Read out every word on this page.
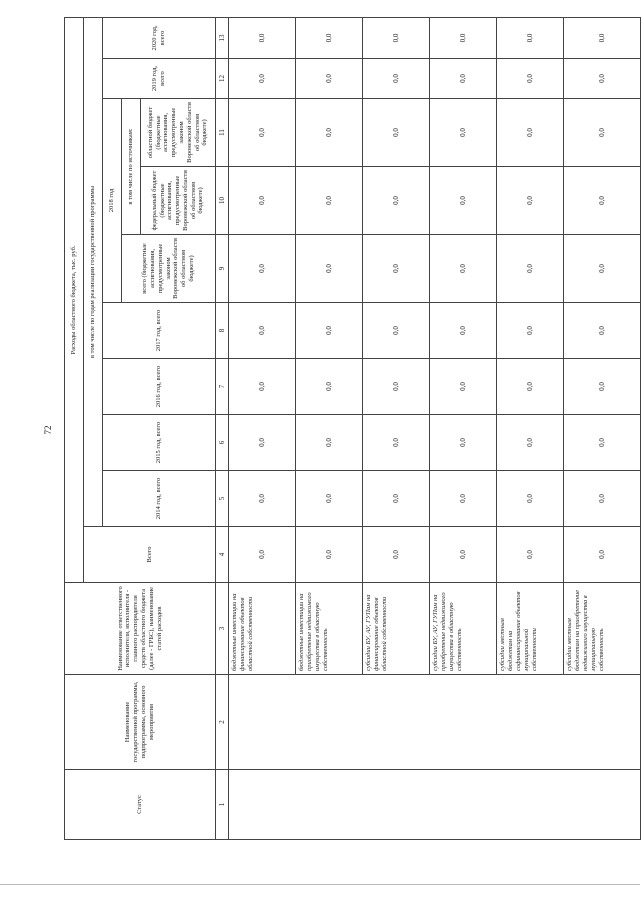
72
Статус	Наименование государственной программы, подпрограммы, основного мероприятия	Наименование ответственного исполнителя, исполнителя - главного распорядителя средств областного бюджета (далее - ГРБС), наименование статей расходов	Расходы областного бюджета, тыс. руб.									
			Всего	в том числе по годам реализации государственной программы								
				2014 год, всего	2015 год, всего	2016 год, всего	2017 год, всего	2018 год			2019 год, всего	2020 год, всего
								всего (бюджетные ассигнования, предусмотренные законом Воронежской области об областном бюджете)	в том числе по источникам:			
									федеральный бюджет (бюджетные ассигнования, предусмотренные Воронежской области об областном бюджете)	областной бюджет (бюджетные ассигнования, предусмотренные законом Воронежской области об областном бюджете)		
1	2	3	4	5	6	7	8	9	10	11	12	13
		бюджетные инвестиции на финансирование объектов областной собственности	0,0	0,0	0,0	0,0	0,0	0,0	0,0	0,0	0,0	0,0
		бюджетные инвестиции на приобретение недвижимого имущества в областную собственность	0,0	0,0	0,0	0,0	0,0	0,0	0,0	0,0	0,0	0,0
		субсидии БУ, АУ, ГУПам на финансирование объектов областной собственности	0,0	0,0	0,0	0,0	0,0	0,0	0,0	0,0	0,0	0,0
		субсидии БУ, АУ, ГУПам на приобретение недвижимого имущества в областную собственность	0,0	0,0	0,0	0,0	0,0	0,0	0,0	0,0	0,0	0,0
		субсидии местным бюджетам на софинансирование объектов муниципальной собственности	0,0	0,0	0,0	0,0	0,0	0,0	0,0	0,0	0,0	0,0
		субсидии местным бюджетам на приобретение недвижимого имущества в муниципальную собственность	0,0	0,0	0,0	0,0	0,0	0,0	0,0	0,0	0,0	0,0
